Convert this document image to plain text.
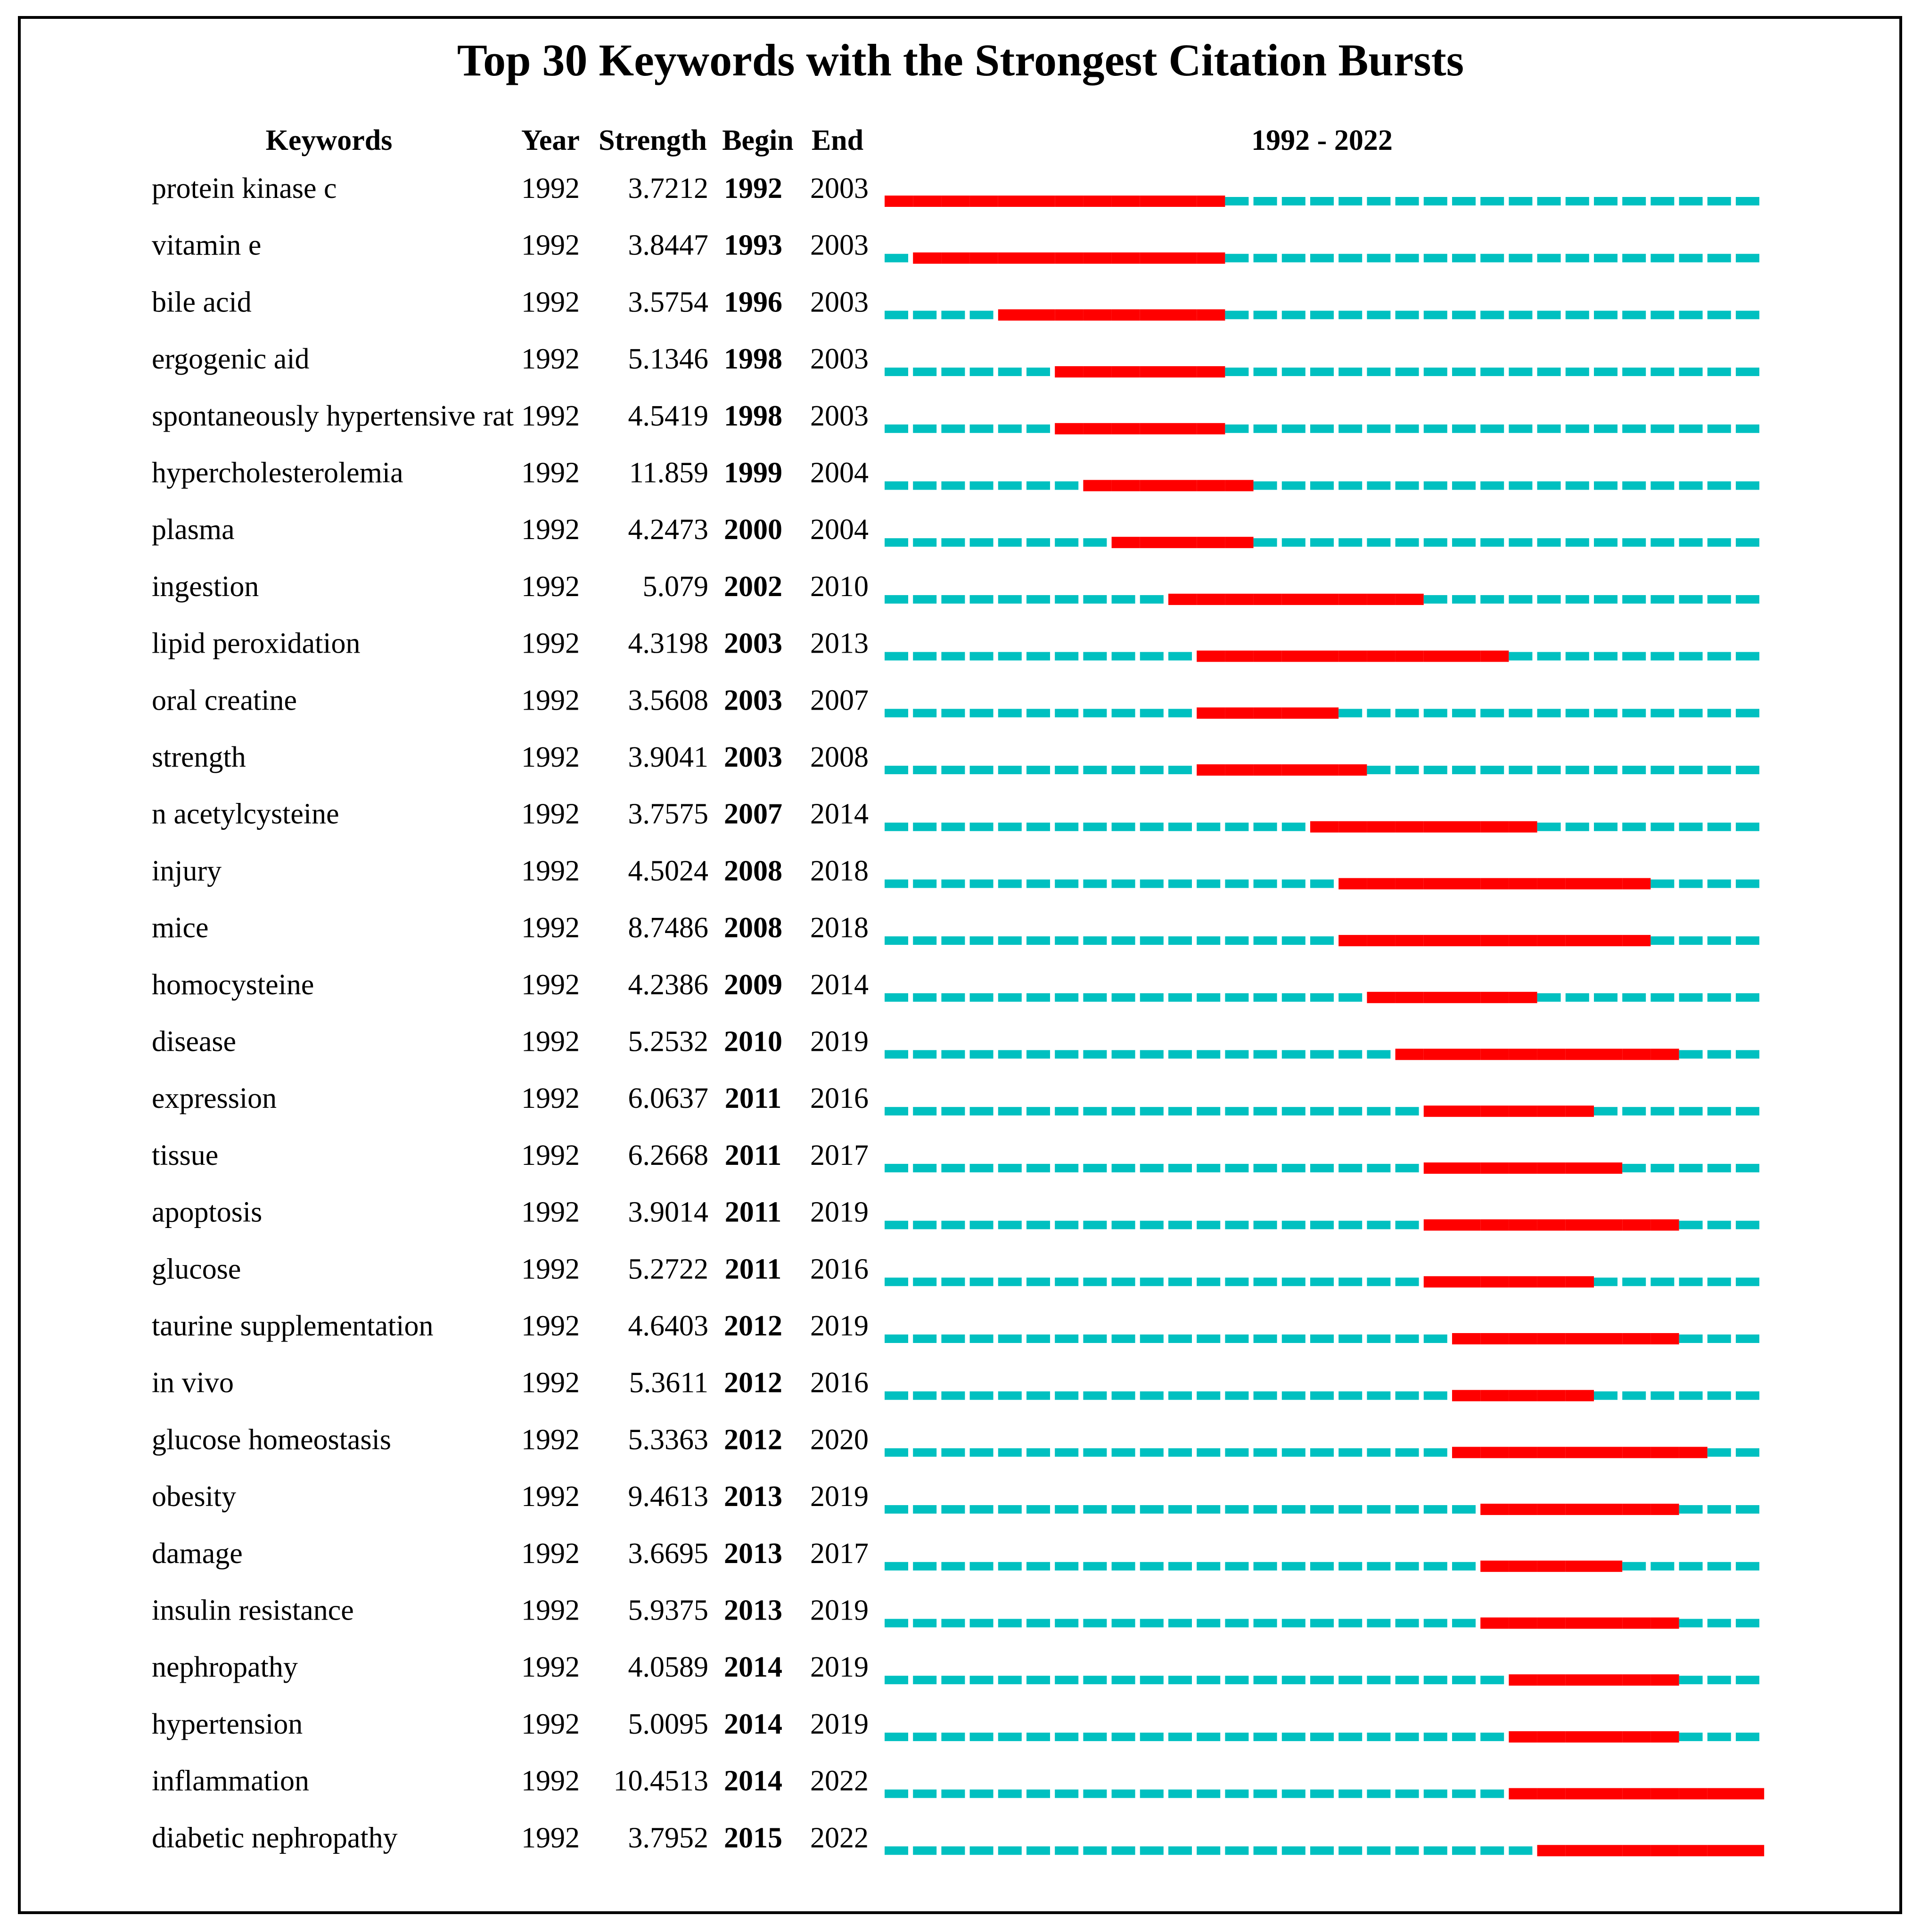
Top 30 Keywords with the Strongest Citation Bursts
Keywords	Year Strength Begin End	1992 - 2022
protein kinase c	1992 3.7212 1992 2003
vitamin e	1992 3.8447 1993 2003
bile acid	1992 3.5754 1996 2003
ergogenic aid	1992 5.1346 1998 2003
spontaneously hypertensive rat 1992 4.5419 1998 2003
hypercholesterolemia	1992 11.859 1999 2004
plasma	1992 4.2473 2000 2004
ingestion	1992 5.079 2002 2010
lipid peroxidation	1992 4.3198 2003 2013
oral creatine	1992 3.5608 2003 2007
strength	1992 3.9041 2003 2008
n acetylcysteine	1992 3.7575 2007 2014
injury	1992 4.5024 2008 2018
mice	1992 8.7486 2008 2018
homocysteine	1992 4.2386 2009 2014
disease	1992 5.2532 2010 2019
expression	1992 6.0637 2011 2016
tissue	1992 6.2668 2011 2017
apoptosis	1992 3.9014 2011 2019
glucose	1992 5.2722 2011 2016
taurine supplementation	1992 4.6403 2012 2019
in vivo	1992 5.3611 2012 2016
glucose homeostasis	1992 5.3363 2012 2020
obesity	1992 9.4613 2013 2019
damage	1992 3.6695 2013 2017
insulin resistance	1992 5.9375 2013 2019
nephropathy	1992 4.0589 2014 2019
hypertension	1992 5.0095 2014 2019
inflammation	1992 10.4513 2014 2022
diabetic nephropathy	1992 3.7952 2015 2022
